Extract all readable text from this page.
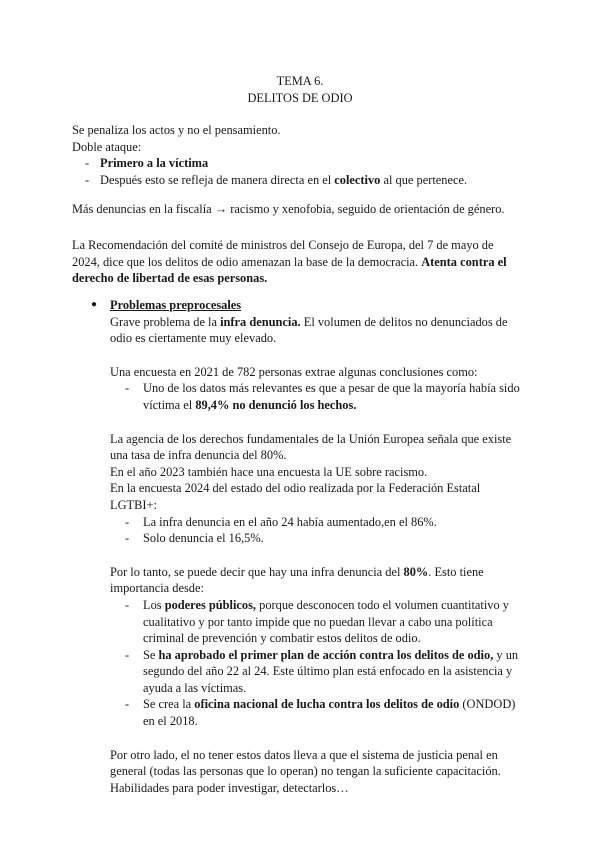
TEMA 6.
DELITOS DE ODIO

Se penaliza los actos y no el pensamiento.

Doble ataque:

- Primero a la víctima
- Después esto se refleja de manera directa en el colectivo al que pertenece.

Más denuncias en la fiscalía → racismo y xenofobia, seguido de orientación de género.

La Recomendación del comité de ministros del Consejo de Europa, del 7 de mayo de 2024, dice que los delitos de odio amenazan la base de la democracia. Atenta contra el derecho de libertad de esas personas.

● Problemas preprocesales

Grave problema de la infra denuncia. El volumen de delitos no denunciados de odio es ciertamente muy elevado.

Una encuesta en 2021 de 782 personas extrae algunas conclusiones como:

- Uno de los datos más relevantes es que a pesar de que la mayoría había sido víctima el 89,4% no denunció los hechos.

La agencia de los derechos fundamentales de la Unión Europea señala que existe una tasa de infra denuncia del 80%.

En el año 2023 también hace una encuesta la UE sobre racismo.

En la encuesta 2024 del estado del odio realizada por la Federación Estatal LGTBI+:

- La infra denuncia en el año 24 había aumentado,en el 86%.
- Solo denuncia el 16,5%.

Por lo tanto, se puede decir que hay una infra denuncia del 80%. Esto tiene importancia desde:

- Los poderes públicos, porque desconocen todo el volumen cuantitativo y cualitativo y por tanto impide que no puedan llevar a cabo una política criminal de prevención y combatir estos delitos de odio.
- Se ha aprobado el primer plan de acción contra los delitos de odio, y un segundo del año 22 al 24. Este último plan está enfocado en la asistencia y ayuda a las víctimas.
- Se crea la oficina nacional de lucha contra los delitos de odio (ONDOD) en el 2018.

Por otro lado, el no tener estos datos lleva a que el sistema de justicia penal en general (todas las personas que lo operan) no tengan la suficiente capacitación. Habilidades para poder investigar, detectarlos…
